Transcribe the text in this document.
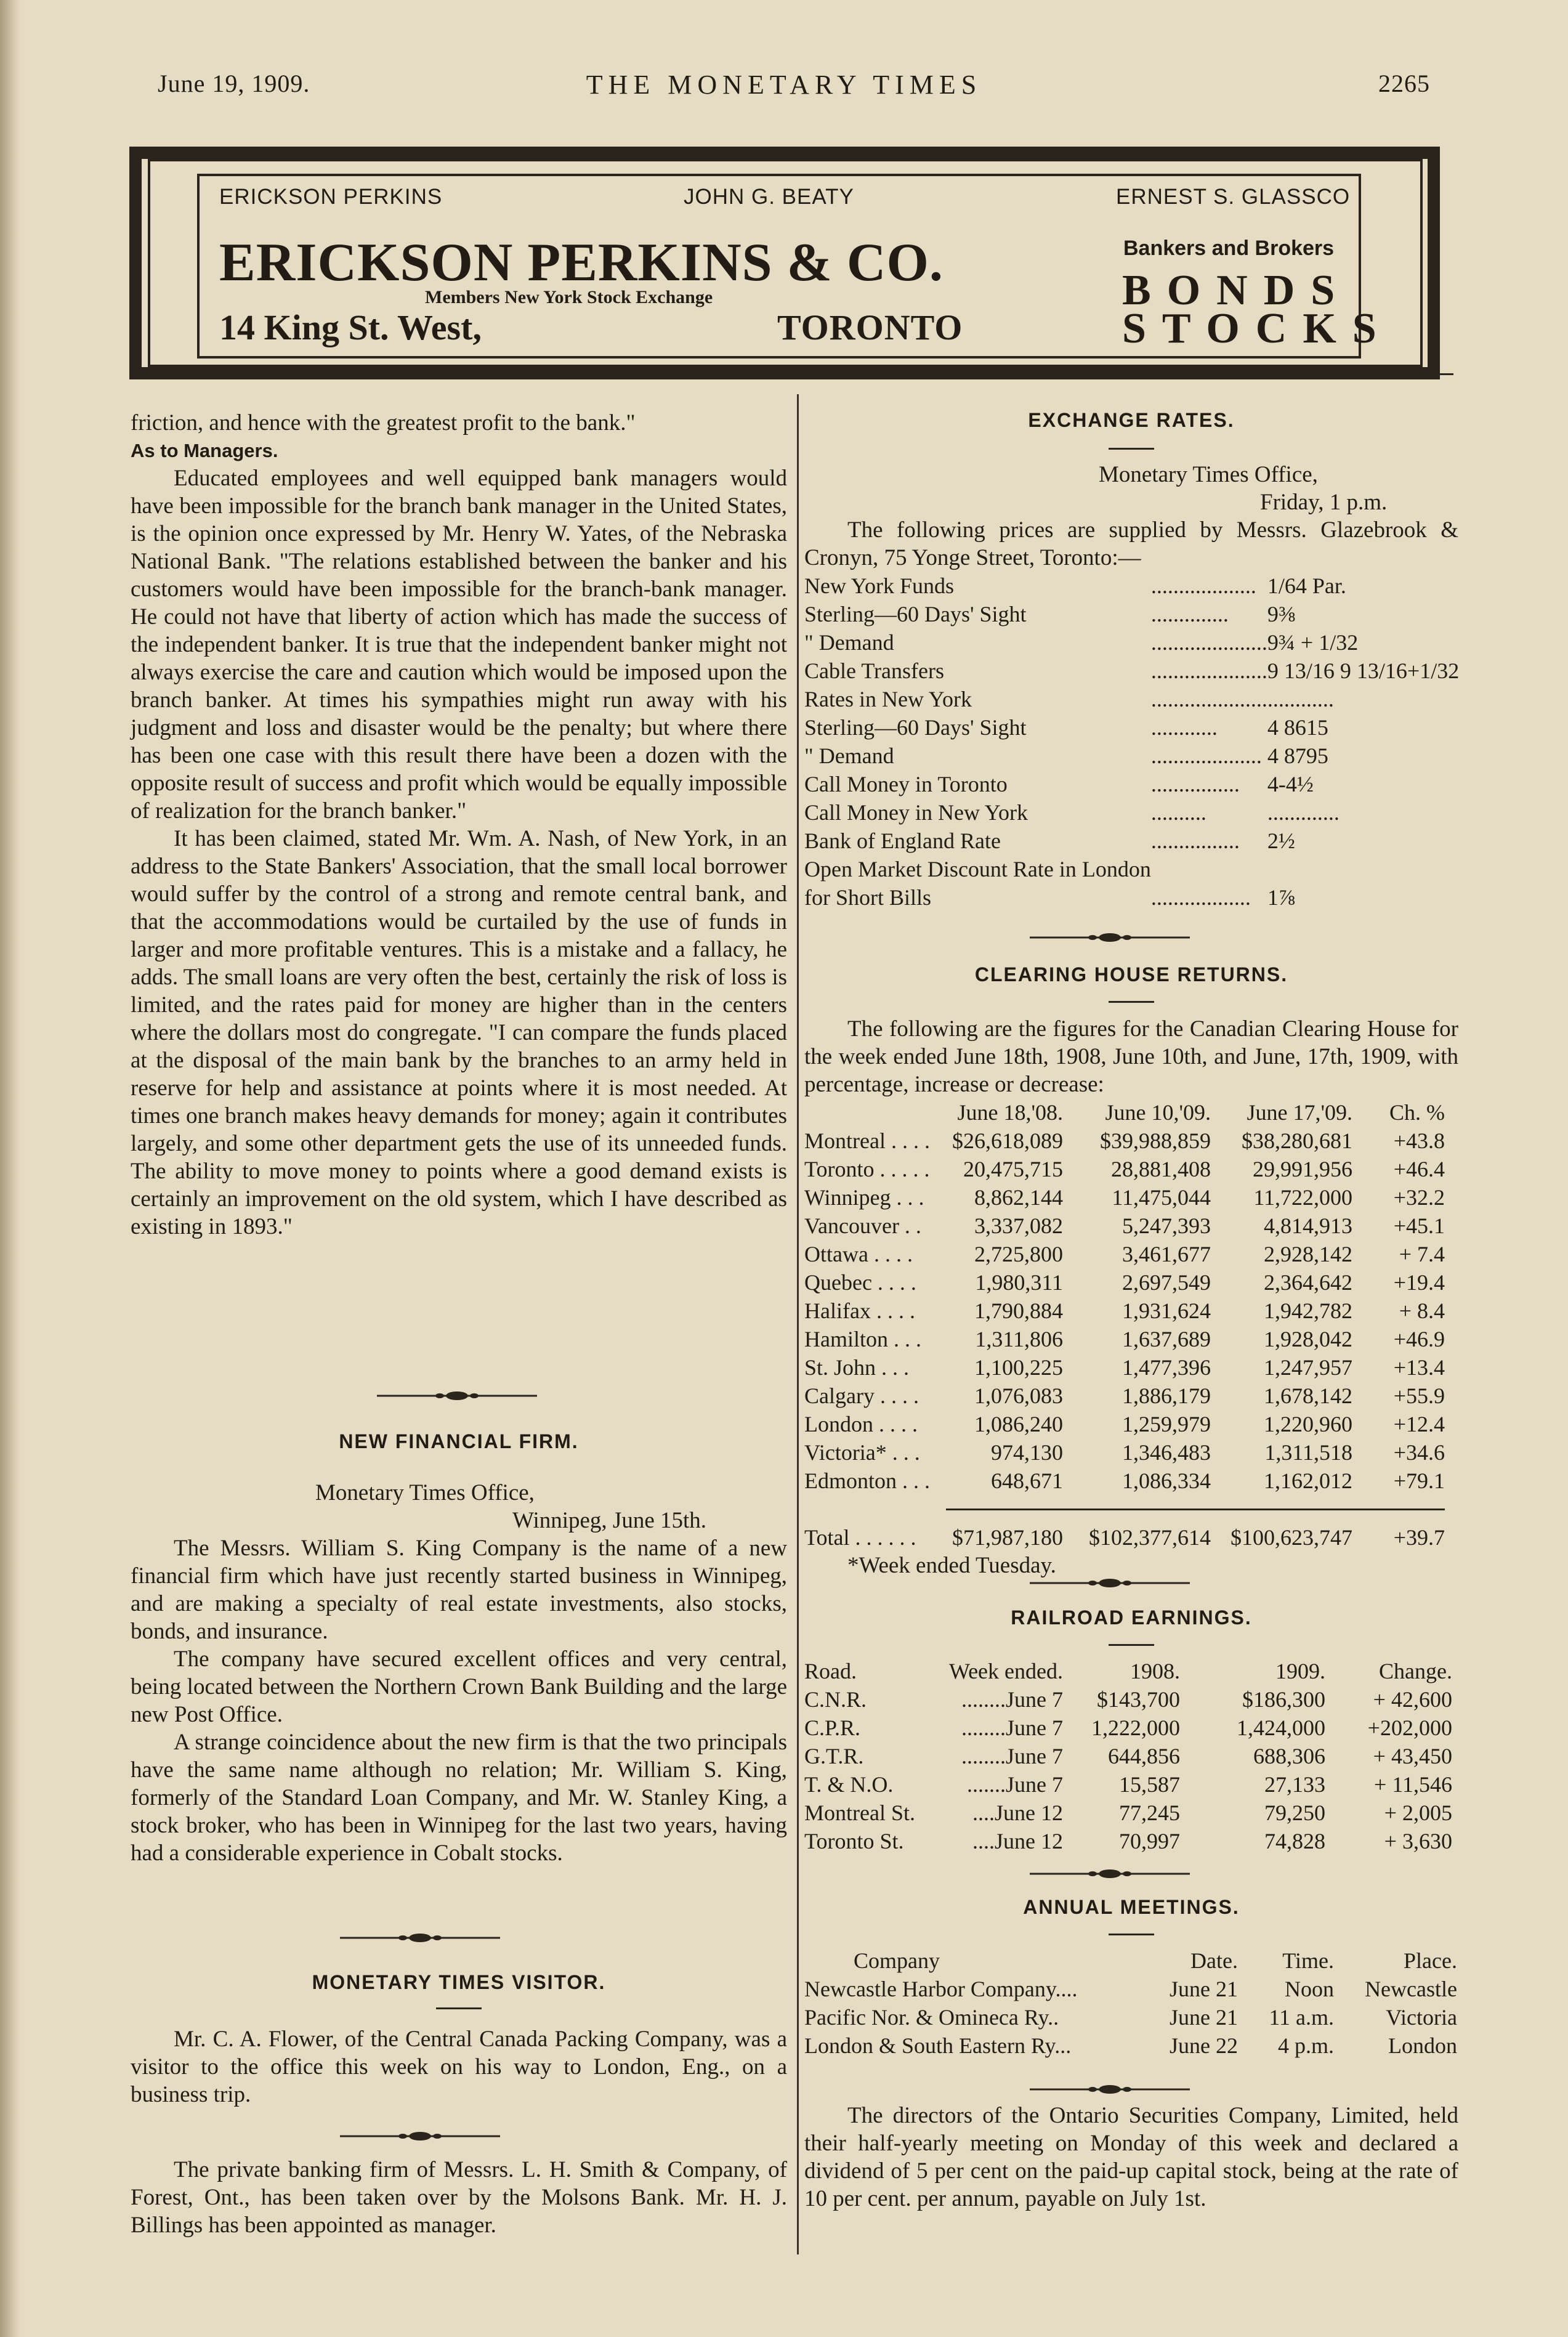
June 19, 1909.	THE MONETARY TIMES	2265
ERICKSON PERKINS	JOHN G. BEATY	ERNEST S. GLASSCO
ERICKSON PERKINS & CO.
Members New York Stock Exchange
14 King St. West,	TORONTO
Bankers and Brokers
BONDS
STOCKS
friction, and hence with the greatest profit to the bank."
As to Managers.
Educated employees and well equipped bank managers would have been impossible for the branch bank manager in the United States, is the opinion once expressed by Mr. Henry W. Yates, of the Nebraska National Bank. "The relations established between the banker and his customers would have been impossible for the branch-bank manager. He could not have that liberty of action which has made the success of the independent banker. It is true that the independent banker might not always exercise the care and caution which would be imposed upon the branch banker. At times his sympathies might run away with his judgment and loss and disaster would be the penalty; but where there has been one case with this result there have been a dozen with the opposite result of success and profit which would be equally impossible of realization for the branch banker."
It has been claimed, stated Mr. Wm. A. Nash, of New York, in an address to the State Bankers' Association, that the small local borrower would suffer by the control of a strong and remote central bank, and that the accommodations would be curtailed by the use of funds in larger and more profitable ventures. This is a mistake and a fallacy, he adds. The small loans are very often the best, certainly the risk of loss is limited, and the rates paid for money are higher than in the centers where the dollars most do congregate. "I can compare the funds placed at the disposal of the main bank by the branches to an army held in reserve for help and assistance at points where it is most needed. At times one branch makes heavy demands for money; again it contributes largely, and some other department gets the use of its unneeded funds. The ability to move money to points where a good demand exists is certainly an improvement on the old system, which I have described as existing in 1893."
NEW FINANCIAL FIRM.
Monetary Times Office,
Winnipeg, June 15th.
The Messrs. William S. King Company is the name of a new financial firm which have just recently started business in Winnipeg, and are making a specialty of real estate investments, also stocks, bonds, and insurance.
The company have secured excellent offices and very central, being located between the Northern Crown Bank Building and the large new Post Office.
A strange coincidence about the new firm is that the two principals have the same name although no relation; Mr. William S. King, formerly of the Standard Loan Company, and Mr. W. Stanley King, a stock broker, who has been in Winnipeg for the last two years, having had a considerable experience in Cobalt stocks.
MONETARY TIMES VISITOR.
Mr. C. A. Flower, of the Central Canada Packing Company, was a visitor to the office this week on his way to London, Eng., on a business trip.
The private banking firm of Messrs. L. H. Smith & Company, of Forest, Ont., has been taken over by the Molsons Bank. Mr. H. J. Billings has been appointed as manager.
EXCHANGE RATES.
Monetary Times Office,
Friday, 1 p.m.
The following prices are supplied by Messrs. Glazebrook & Cronyn, 75 Yonge Street, Toronto:—
New York Funds	...................	1/64 Par.
Sterling—60 Days' Sight	..............	9⅜
" Demand	.....................	9¾ + 1/32
Cable Transfers	.....................	9 13/16 9 13/16+1/32
Rates in New York	.....................	............
Sterling—60 Days' Sight	............	4 8615
" Demand	....................	4 8795
Call Money in Toronto	................	4-4½
Call Money in New York	..........	.............
Bank of England Rate	................	2½
Open Market Discount Rate in London		
for Short Bills	..................	1⅞
CLEARING HOUSE RETURNS.
The following are the figures for the Canadian Clearing House for the week ended June 18th, 1908, June 10th, and June, 17th, 1909, with percentage, increase or decrease:
	June 18,'08.	June 10,'09.	June 17,'09.	Ch. %
Montreal . . . .	$26,618,089	$39,988,859	$38,280,681	+43.8
Toronto . . . . .	20,475,715	28,881,408	29,991,956	+46.4
Winnipeg . . .	8,862,144	11,475,044	11,722,000	+32.2
Vancouver . .	3,337,082	5,247,393	4,814,913	+45.1
Ottawa . . . .	2,725,800	3,461,677	2,928,142	+ 7.4
Quebec . . . .	1,980,311	2,697,549	2,364,642	+19.4
Halifax . . . .	1,790,884	1,931,624	1,942,782	+ 8.4
Hamilton . . .	1,311,806	1,637,689	1,928,042	+46.9
St. John . . .	1,100,225	1,477,396	1,247,957	+13.4
Calgary . . . .	1,076,083	1,886,179	1,678,142	+55.9
London . . . .	1,086,240	1,259,979	1,220,960	+12.4
Victoria* . . .	974,130	1,346,483	1,311,518	+34.6
Edmonton . . .	648,671	1,086,334	1,162,012	+79.1

Total . . . . . .	$71,987,180	$102,377,614	$100,623,747	+39.7
*Week ended Tuesday.
RAILROAD EARNINGS.
Road.	Week ended.	1908.	1909.	Change.
C.N.R.	........June 7	$143,700	$186,300	+ 42,600
C.P.R.	........June 7	1,222,000	1,424,000	+202,000
G.T.R.	........June 7	644,856	688,306	+ 43,450
T. & N.O.	.......June 7	15,587	27,133	+ 11,546
Montreal St.	....June 12	77,245	79,250	+ 2,005
Toronto St.	....June 12	70,997	74,828	+ 3,630
ANNUAL MEETINGS.
Company	Date.	Time.	Place.
Newcastle Harbor Company....	June 21	Noon	Newcastle
Pacific Nor. & Omineca Ry..	June 21	11 a.m.	Victoria
London & South Eastern Ry...	June 22	4 p.m.	London
The directors of the Ontario Securities Company, Limited, held their half-yearly meeting on Monday of this week and declared a dividend of 5 per cent on the paid-up capital stock, being at the rate of 10 per cent. per annum, payable on July 1st.
